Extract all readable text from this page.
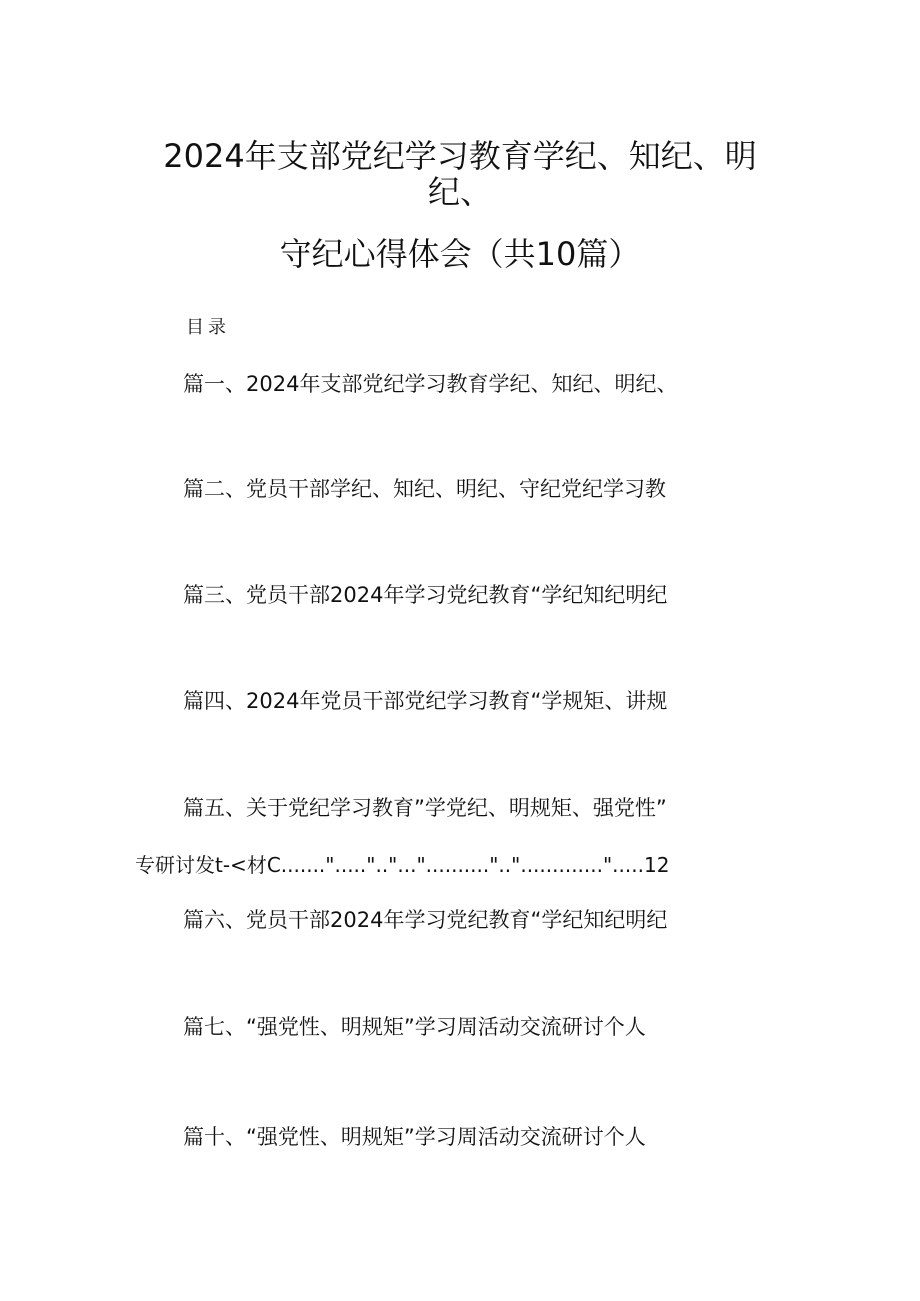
2024年支部党纪学习教育学纪、知纪、明
纪、
守纪心得体会（共10篇）
目录
篇一、2024年支部党纪学习教育学纪、知纪、明纪、
篇二、党员干部学纪、知纪、明纪、守纪党纪学习教
篇三、党员干部2024年学习党纪教育“学纪知纪明纪
篇四、2024年党员干部党纪学习教育“学规矩、讲规
篇五、关于党纪学习教育”学党纪、明规矩、强党性”
专研讨发t-<材C.......".....".."...".........."..".............".....12
篇六、党员干部2024年学习党纪教育“学纪知纪明纪
篇七、“强党性、明规矩”学习周活动交流研讨个人
篇十、“强党性、明规矩”学习周活动交流研讨个人
